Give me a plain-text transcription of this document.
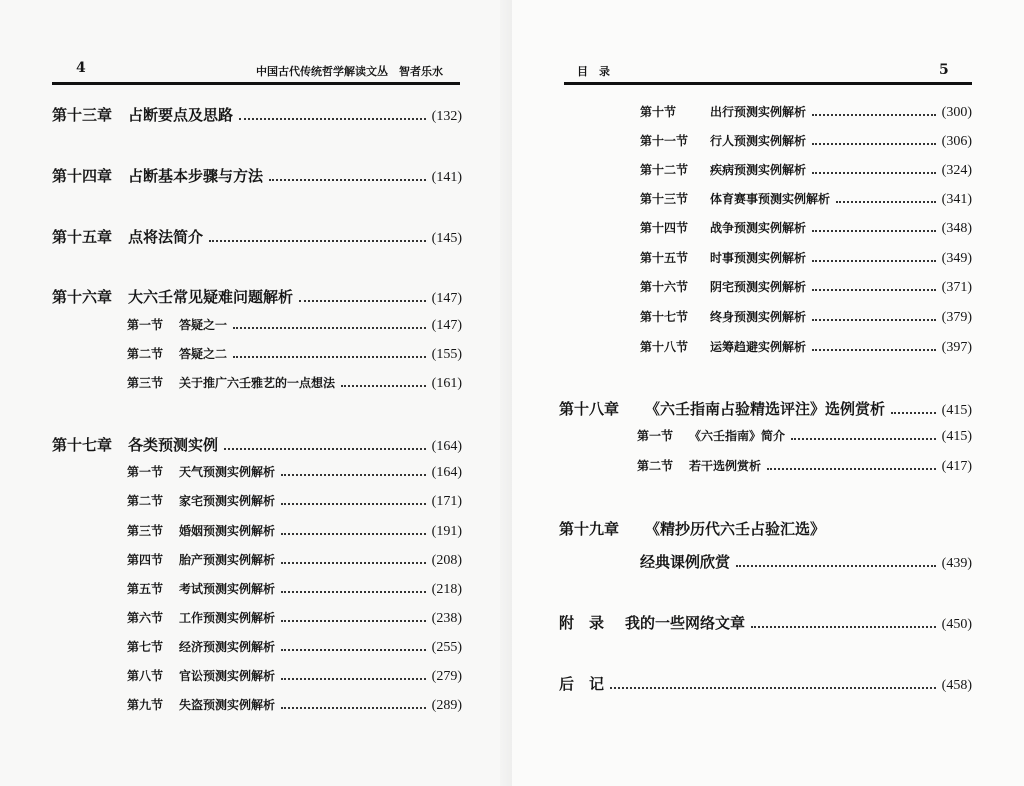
4	中国古代传统哲学解读文丛　智者乐水
第十三章	占断要点及思路	(132)
第十四章	占断基本步骤与方法	(141)
第十五章	点将法简介	(145)
第十六章	大六壬常见疑难问题解析	(147)
第一节	答疑之一	(147)
第二节	答疑之二	(155)
第三节	关于推广六壬雅艺的一点想法	(161)
第十七章	各类预测实例	(164)
第一节	天气预测实例解析	(164)
第二节	家宅预测实例解析	(171)
第三节	婚姻预测实例解析	(191)
第四节	胎产预测实例解析	(208)
第五节	考试预测实例解析	(218)
第六节	工作预测实例解析	(238)
第七节	经济预测实例解析	(255)
第八节	官讼预测实例解析	(279)
第九节	失盗预测实例解析	(289)
目　录	5
第十节	出行预测实例解析	(300)
第十一节	行人预测实例解析	(306)
第十二节	疾病预测实例解析	(324)
第十三节	体育赛事预测实例解析	(341)
第十四节	战争预测实例解析	(348)
第十五节	时事预测实例解析	(349)
第十六节	阴宅预测实例解析	(371)
第十七节	终身预测实例解析	(379)
第十八节	运筹趋避实例解析	(397)
第十八章	《六壬指南占验精选评注》选例赏析	(415)
第一节	《六壬指南》简介	(415)
第二节	若干选例赏析	(417)
第十九章	《精抄历代六壬占验汇选》
经典课例欣赏	(439)
附　录	我的一些网络文章	(450)
后　记	(458)
